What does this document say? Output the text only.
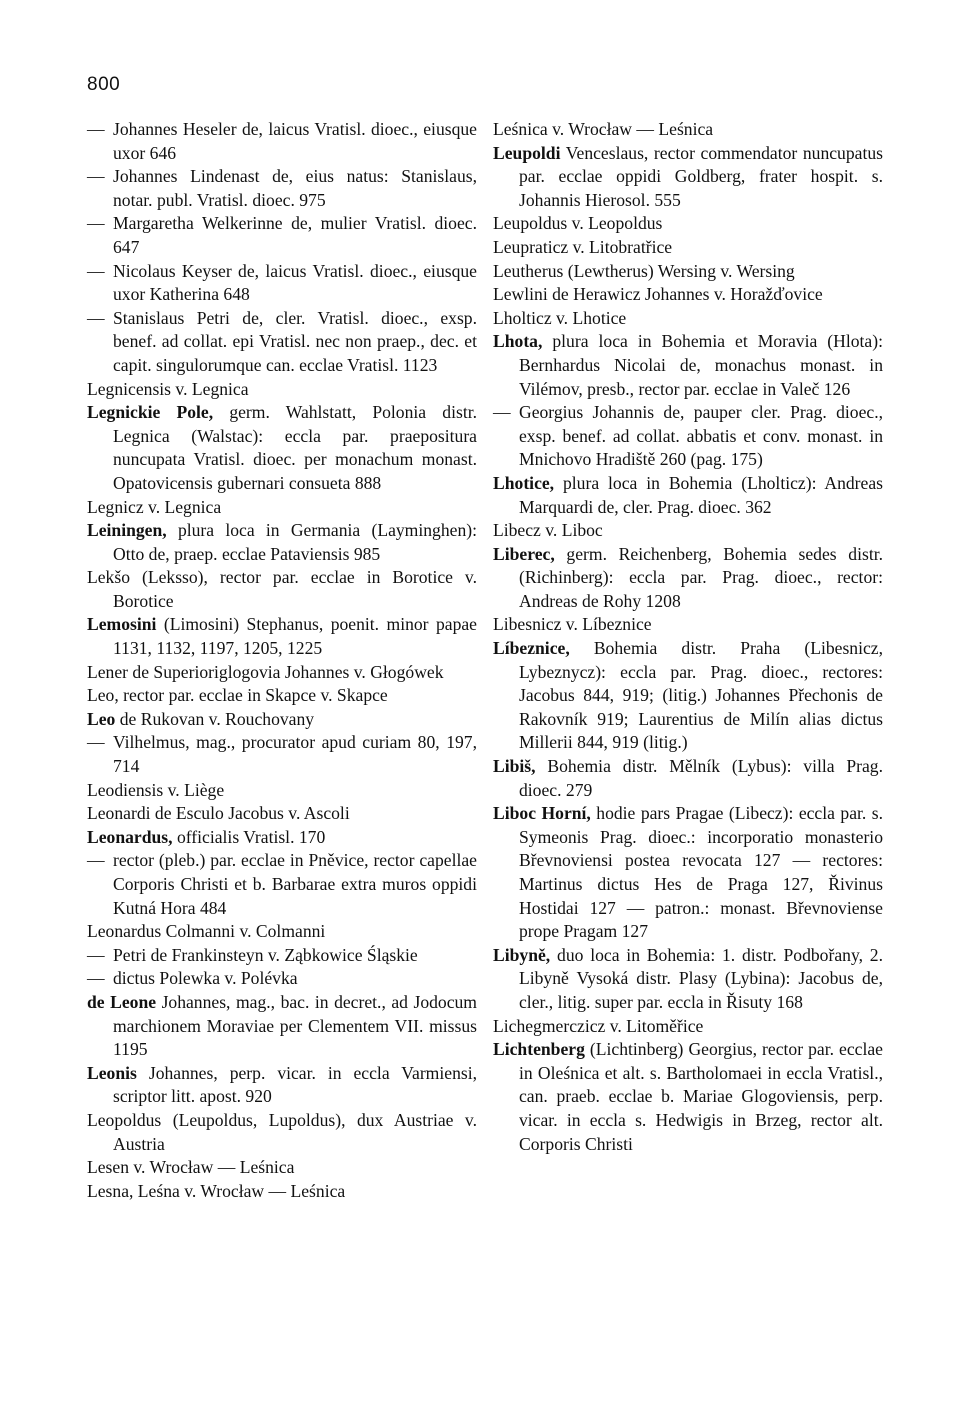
800
— Johannes Heseler de, laicus Vratisl. dioec., eiusque uxor 646
— Johannes Lindenast de, eius natus: Stanislaus, notar. publ. Vratisl. dioec. 975
— Margaretha Welkerinne de, mulier Vratisl. dioec. 647
— Nicolaus Keyser de, laicus Vratisl. dioec., eiusque uxor Katherina 648
— Stanislaus Petri de, cler. Vratisl. dioec., exsp. benef. ad collat. epi Vratisl. nec non praep., dec. et capit. singulorumque can. ecclae Vratisl. 1123
Legnicensis v. Legnica
Legnickie Pole, germ. Wahlstatt, Polonia distr. Legnica (Walstac): eccla par. praepositura nuncupata Vratisl. dioec. per monachum monast. Opatovicensis gubernari consueta 888
Legnicz v. Legnica
Leiningen, plura loca in Germania (Layminghen): Otto de, praep. ecclae Pataviensis 985
Lekšo (Leksso), rector par. ecclae in Borotice v. Borotice
Lemosini (Limosini) Stephanus, poenit. minor papae 1131, 1132, 1197, 1205, 1225
Lener de Superioriglogovia Johannes v. Głogówek
Leo, rector par. ecclae in Skapce v. Skapce
Leo de Rukovan v. Rouchovany
— Vilhelmus, mag., procurator apud curiam 80, 197, 714
Leodiensis v. Liège
Leonardi de Esculo Jacobus v. Ascoli
Leonardus, officialis Vratisl. 170
— rector (pleb.) par. ecclae in Pněvice, rector capellae Corporis Christi et b. Barbarae extra muros oppidi Kutná Hora 484
Leonardus Colmanni v. Colmanni
— Petri de Frankinsteyn v. Ząbkowice Śląskie
— dictus Polewka v. Polévka
de Leone Johannes, mag., bac. in decret., ad Jodocum marchionem Moraviae per Clementem VII. missus 1195
Leonis Johannes, perp. vicar. in eccla Varmiensi, scriptor litt. apost. 920
Leopoldus (Leupoldus, Lupoldus), dux Austriae v. Austria
Lesen v. Wrocław — Leśnica
Lesna, Leśna v. Wrocław — Leśnica
Leśnica v. Wrocław — Leśnica
Leupoldi Venceslaus, rector commendator nuncupatus par. ecclae oppidi Goldberg, frater hospit. s. Johannis Hierosol. 555
Leupoldus v. Leopoldus
Leupraticz v. Litobratřice
Leutherus (Lewtherus) Wersing v. Wersing
Lewlini de Herawicz Johannes v. Horažďovice
Lholticz v. Lhotice
Lhota, plura loca in Bohemia et Moravia (Hlota): Bernhardus Nicolai de, monachus monast. in Vilémov, presb., rector par. ecclae in Valeč 126
— Georgius Johannis de, pauper cler. Prag. dioec., exsp. benef. ad collat. abbatis et conv. monast. in Mnichovo Hradiště 260 (pag. 175)
Lhotice, plura loca in Bohemia (Lholticz): Andreas Marquardi de, cler. Prag. dioec. 362
Libecz v. Liboc
Liberec, germ. Reichenberg, Bohemia sedes distr. (Richinberg): eccla par. Prag. dioec., rector: Andreas de Rohy 1208
Libesnicz v. Líbeznice
Líbeznice, Bohemia distr. Praha (Libesnicz, Lybeznycz): eccla par. Prag. dioec., rectores: Jacobus 844, 919; (litig.) Johannes Přechonis de Rakovník 919; Laurentius de Milín alias dictus Millerii 844, 919 (litig.)
Libiš, Bohemia distr. Mělník (Lybus): villa Prag. dioec. 279
Liboc Horní, hodie pars Pragae (Libecz): eccla par. s. Symeonis Prag. dioec.: incorporatio monasterio Břevnoviensi postea revocata 127 — rectores: Martinus dictus Hes de Praga 127, Řivinus Hostidai 127 — patron.: monast. Břevnoviense prope Pragam 127
Libyně, duo loca in Bohemia: 1. distr. Podbořany, 2. Libyně Vysoká distr. Plasy (Lybina): Jacobus de, cler., litig. super par. eccla in Řisuty 168
Lichegmerczicz v. Litoměřice
Lichtenberg (Lichtinberg) Georgius, rector par. ecclae in Oleśnica et alt. s. Bartholomaei in eccla Vratisl., can. praeb. ecclae b. Mariae Glogoviensis, perp. vicar. in eccla s. Hedwigis in Brzeg, rector alt. Corporis Christi
